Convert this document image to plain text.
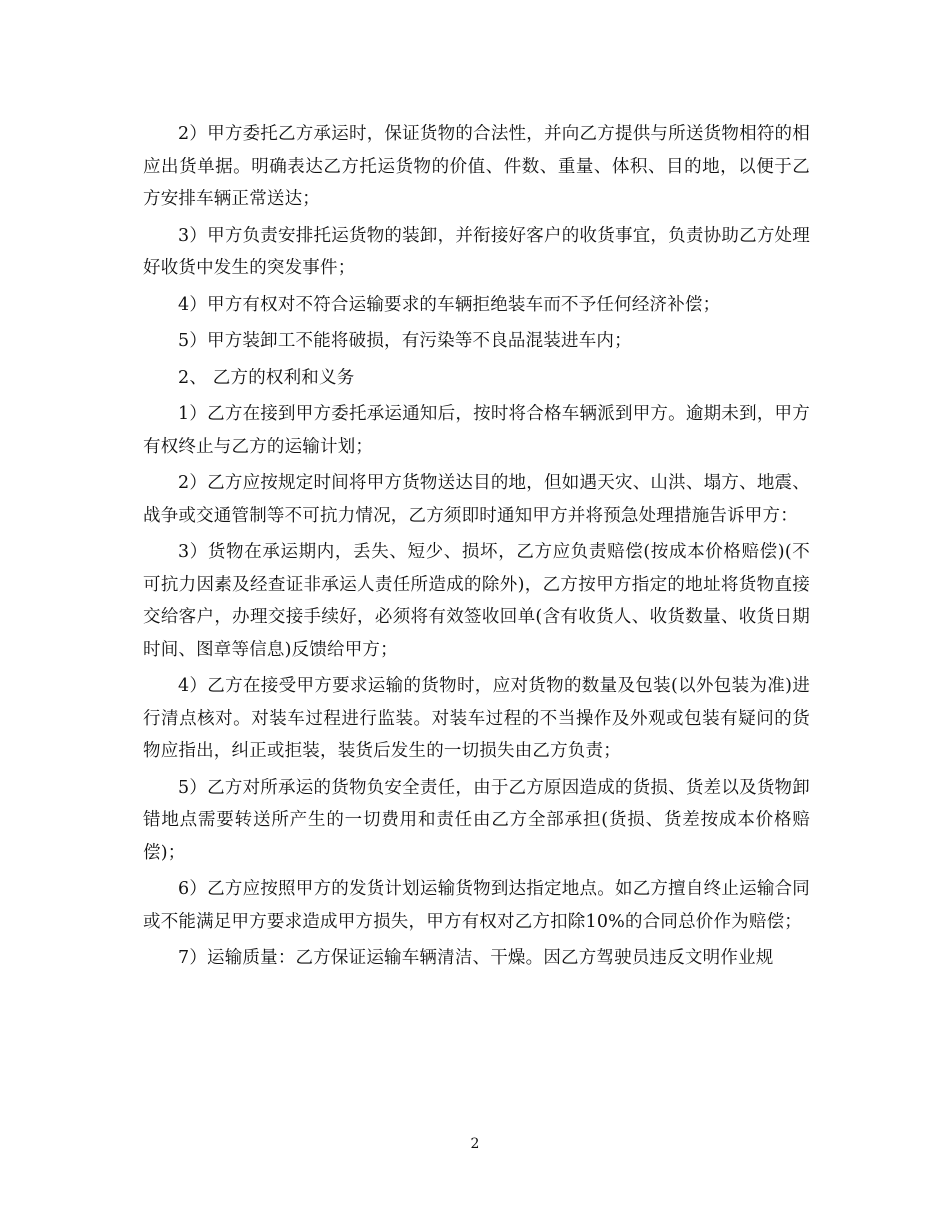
2）甲方委托乙方承运时，保证货物的合法性，并向乙方提供与所送货物相符的相应出货单据。明确表达乙方托运货物的价值、件数、重量、体积、目的地，以便于乙方安排车辆正常送达；

3）甲方负责安排托运货物的装卸，并衔接好客户的收货事宜，负责协助乙方处理好收货中发生的突发事件；

4）甲方有权对不符合运输要求的车辆拒绝装车而不予任何经济补偿；

5）甲方装卸工不能将破损，有污染等不良品混装进车内；

2、 乙方的权利和义务

1）乙方在接到甲方委托承运通知后，按时将合格车辆派到甲方。逾期未到，甲方有权终止与乙方的运输计划；

2）乙方应按规定时间将甲方货物送达目的地，但如遇天灾、山洪、塌方、地震、战争或交通管制等不可抗力情况，乙方须即时通知甲方并将预急处理措施告诉甲方：

3）货物在承运期内，丢失、短少、损坏，乙方应负责赔偿(按成本价格赔偿)(不可抗力因素及经查证非承运人责任所造成的除外)，乙方按甲方指定的地址将货物直接交给客户，办理交接手续好，必须将有效签收回单(含有收货人、收货数量、收货日期时间、图章等信息)反馈给甲方；

4）乙方在接受甲方要求运输的货物时，应对货物的数量及包装(以外包装为准)进行清点核对。对装车过程进行监装。对装车过程的不当操作及外观或包装有疑问的货物应指出，纠正或拒装，装货后发生的一切损失由乙方负责；

5）乙方对所承运的货物负安全责任，由于乙方原因造成的货损、货差以及货物卸错地点需要转送所产生的一切费用和责任由乙方全部承担(货损、货差按成本价格赔偿)；

6）乙方应按照甲方的发货计划运输货物到达指定地点。如乙方擅自终止运输合同或不能满足甲方要求造成甲方损失，甲方有权对乙方扣除10%的合同总价作为赔偿；

7）运输质量：乙方保证运输车辆清洁、干燥。因乙方驾驶员违反文明作业规

2
